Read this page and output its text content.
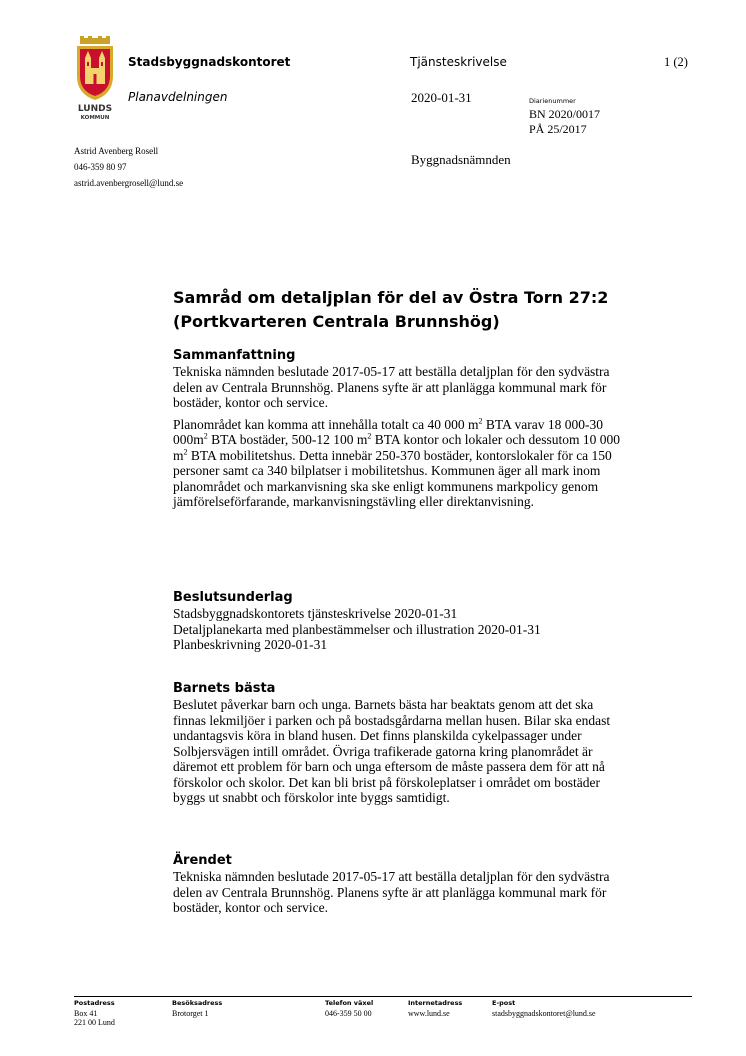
LUNDS
KOMMUN
Stadsbyggnadskontoret
Planavdelningen
Tjänsteskrivelse	1 (2)
2020-01-31	Diarienummer
BN 2020/0017
PÅ 25/2017
Astrid Avenberg Rosell
046-359 80 97
astrid.avenbergrosell@lund.se
Byggnadsnämnden
Samråd om detaljplan för del av Östra Torn 27:2
(Portkvarteren Centrala Brunnshög)
Sammanfattning

Tekniska nämnden beslutade 2017-05-17 att beställa detaljplan för den sydvästra delen av Centrala Brunnshög. Planens syfte är att planlägga kommunal mark för bostäder, kontor och service.

Planområdet kan komma att innehålla totalt ca 40 000 $m^2$ BTA varav 18 000-30 $000m^2$ BTA bostäder, 500-12 100 $m^2$ BTA kontor och lokaler och dessutom 10 000 $m^2$ BTA mobilitetshus. Detta innebär 250-370 bostäder, kontorslokaler för ca 150 personer samt ca 340 bilplatser i mobilitetshus. Kommunen äger all mark inom planområdet och markanvisning ska ske enligt kommunens markpolicy genom jämförelseförfarande, markanvisningstävling eller direktanvisning.

Beslutsunderlag

Stadsbyggnadskontorets tjänsteskrivelse 2020-01-31

Detaljplanekarta med planbestämmelser och illustration 2020-01-31

Planbeskrivning 2020-01-31

Barnets bästa

Beslutet påverkar barn och unga. Barnets bästa har beaktats genom att det ska finnas lekmiljöer i parken och på bostadsgårdarna mellan husen. Bilar ska endast undantagsvis köra in bland husen. Det finns planskilda cykelpassager under Solbjersvägen intill området. Övriga trafikerade gatorna kring planområdet är däremot ett problem för barn och unga eftersom de måste passera dem för att nå förskolor och skolor. Det kan bli brist på förskoleplatser i området om bostäder byggs ut snabbt och förskolor inte byggs samtidigt.

Ärendet

Tekniska nämnden beslutade 2017-05-17 att beställa detaljplan för den sydvästra delen av Centrala Brunnshög. Planens syfte är att planlägga kommunal mark för bostäder, kontor och service.

Postadress
Box 41
221 00 Lund
Besöksadress
Brotorget 1
Telefon växel
046-359 50 00
Internetadress
www.lund.se
E-post
stadsbyggnadskontoret@lund.se
